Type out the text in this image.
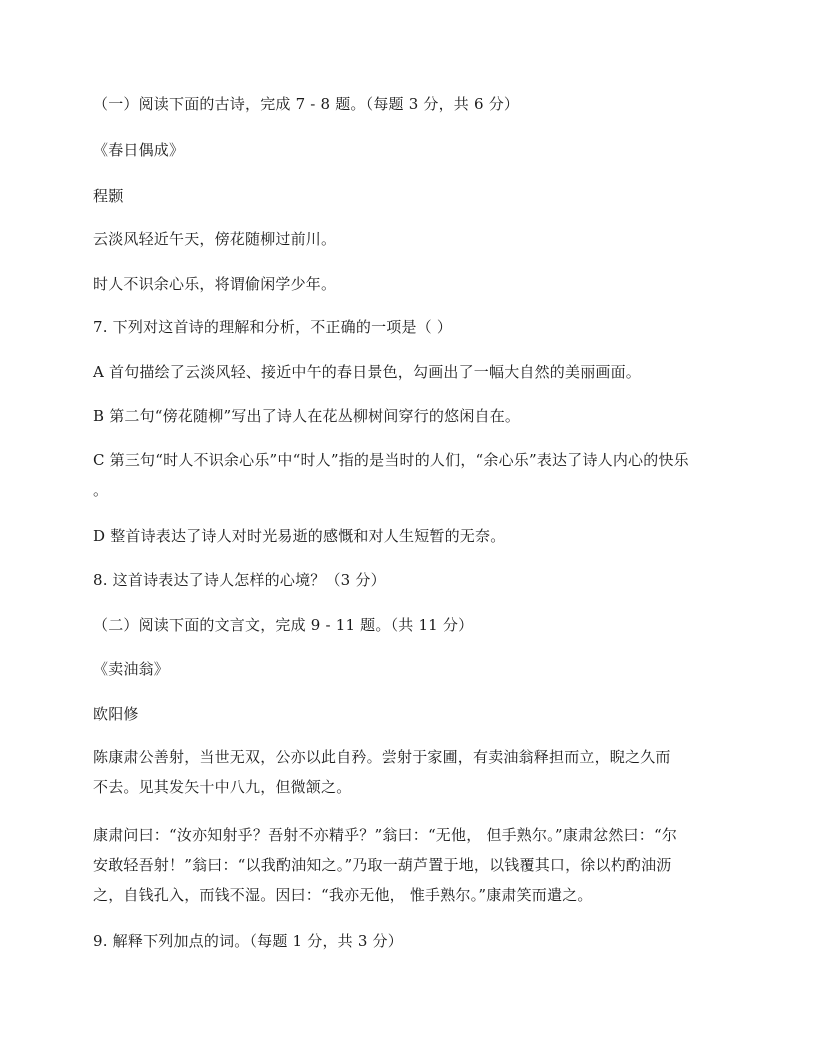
（一）阅读下面的古诗，完成 7 - 8 题。（每题 3 分，共 6 分）
《春日偶成》
程颢
云淡风轻近午天，傍花随柳过前川。
时人不识余心乐，将谓偷闲学少年。
7. 下列对这首诗的理解和分析，不正确的一项是（ ）
A 首句描绘了云淡风轻、接近中午的春日景色，勾画出了一幅大自然的美丽画面。
B 第二句“傍花随柳”写出了诗人在花丛柳树间穿行的悠闲自在。
C 第三句“时人不识余心乐”中“时人”指的是当时的人们，“余心乐”表达了诗人内心的快乐
。
D 整首诗表达了诗人对时光易逝的感慨和对人生短暂的无奈。
8. 这首诗表达了诗人怎样的心境？（3 分）
（二）阅读下面的文言文，完成 9 - 11 题。（共 11 分）
《卖油翁》
欧阳修
陈康肃公善射，当世无双，公亦以此自矜。尝射于家圃，有卖油翁释担而立，睨之久而
不去。见其发矢十中八九，但微颔之。
康肃问曰：“汝亦知射乎？吾射不亦精乎？”翁曰：“无他， 但手熟尔。”康肃忿然曰：“尔
安敢轻吾射！”翁曰：“以我酌油知之。”乃取一葫芦置于地，以钱覆其口，徐以杓酌油沥
之，自钱孔入，而钱不湿。因曰：“我亦无他， 惟手熟尔。”康肃笑而遣之。
9. 解释下列加点的词。（每题 1 分，共 3 分）
